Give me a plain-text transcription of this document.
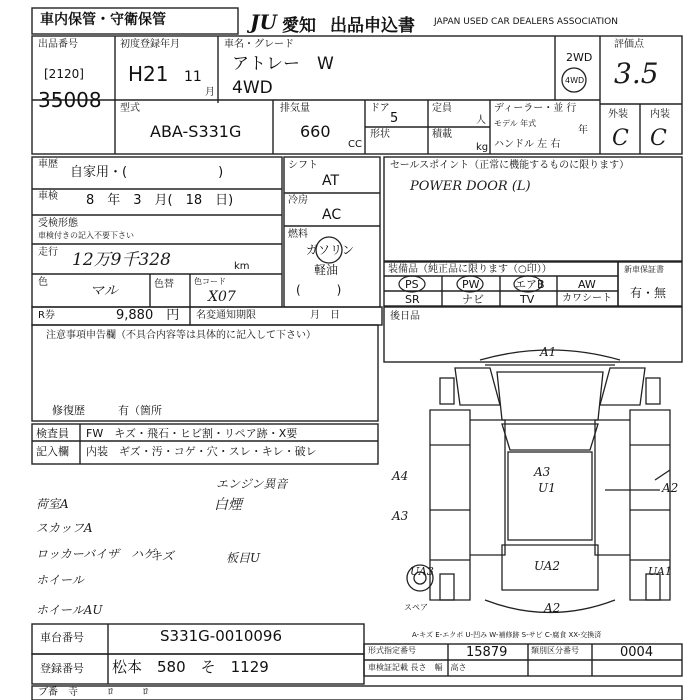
車内保管・守衛保管	JU 愛知 出品申込書 JAPAN USED CAR DEALERS ASSOCIATION
出品番号
[2120]
35008
初度登録年月
H21 11
月
車名・グレード
アトレー　W
4WD
2WD
4WD
評価点
3.5
外装 内装
C C
型式
ABA-S331G
排気量
660
CC
ドア
5
定員
人
形状	積載
kg
ディーラー・並 行
モデル 年式
年
ハンドル 左 右
車歴
自家用・(　　　　　　　)
車検 8　年　3　月(　18　日)
受検形態
車検付きの記入不要下さい
走行 12万9千328	km
色
マル	色替	色コード
X07
シフト
AT
冷房
AC
燃料
ガソリン
軽油
(　　　)
セールスポイント（正常に機能するものに限ります）
POWER DOOR (L)
装備品（純正品に限ります（○印））
PS	PW	エアB	AW
SR	ナビ	TV	カワシート
新車保証書
有・無
R券	9,880　円 名変通知期限	月　日	後日品
注意事項申告欄（不具合内容等は具体的に記入して下さい）
修復歴	有（箇所
検査員
記入欄
FW　キズ・飛石・ヒビ割・リペア跡・X要
内装　ギズ・汚・コゲ・穴・スレ・キレ・破レ
エンジン異音
白煙
荷室A
スカッフA
ロッカーバイザ　ハゲ
キズ	板目U
ホイール
ホイールAU
A1
A4
A3
A3
U1	A2
UA3	UA2	UA1
A2
スペア
A-キズ E-エクボ U-凹み W-補修跡 S-サビ C-腐食 XX-交換済
車台番号	S331G-0010096
登録番号 松本　580　そ　1129
形式指定番号	15879	類別区分番号	0004
車検証記載 長さ　幅　高さ
ブ番　寺　　　ﾛ　　　ﾛ
